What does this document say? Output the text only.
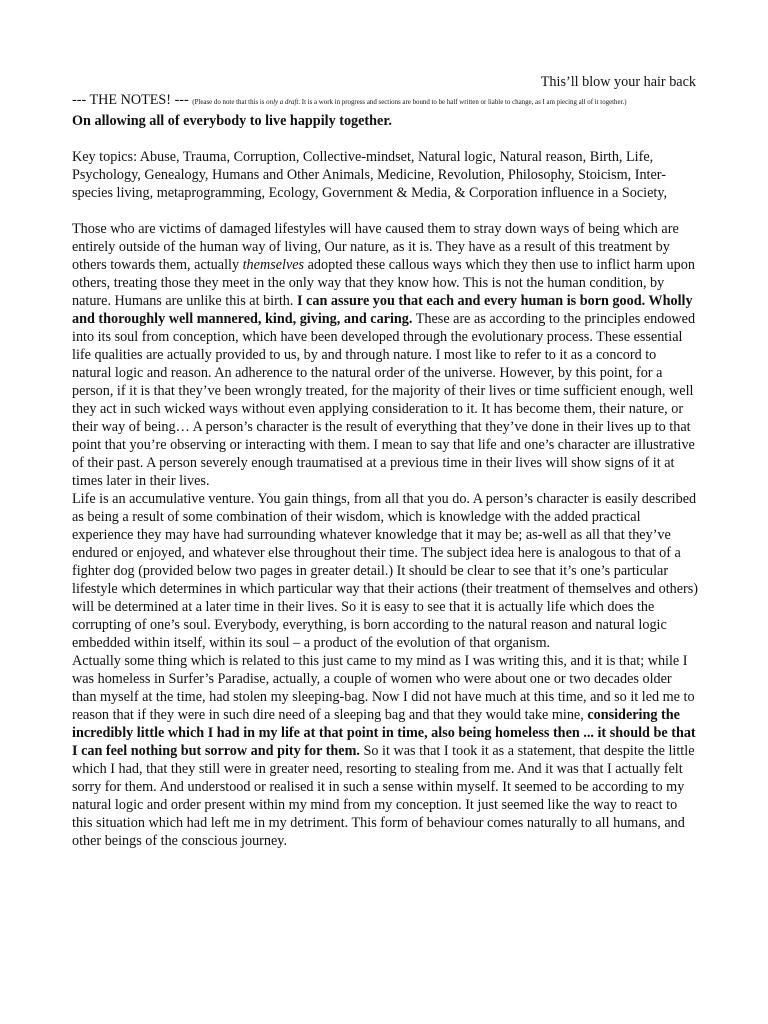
This’ll blow your hair back

--- THE NOTES! --- (Please do note that this is only a draft. It is a work in progress and sections are bound to be half written or liable to change, as I am piecing all of it together.)

On allowing all of everybody to live happily together.

Key topics: Abuse, Trauma, Corruption, Collective-mindset, Natural logic, Natural reason, Birth, Life, Psychology, Genealogy, Humans and Other Animals, Medicine, Revolution, Philosophy, Stoicism, Inter-species living, metaprogramming, Ecology, Government & Media, & Corporation influence in a Society,

Those who are victims of damaged lifestyles will have caused them to stray down ways of being which are entirely outside of the human way of living, Our nature, as it is. They have as a result of this treatment by others towards them, actually themselves adopted these callous ways which they then use to inflict harm upon others, treating those they meet in the only way that they know how. This is not the human condition, by nature. Humans are unlike this at birth. I can assure you that each and every human is born good. Wholly and thoroughly well mannered, kind, giving, and caring. These are as according to the principles endowed into its soul from conception, which have been developed through the evolutionary process. These essential life qualities are actually provided to us, by and through nature. I most like to refer to it as a concord to natural logic and reason. An adherence to the natural order of the universe. However, by this point, for a person, if it is that they’ve been wrongly treated, for the majority of their lives or time sufficient enough, well they act in such wicked ways without even applying consideration to it. It has become them, their nature, or their way of being… A person’s character is the result of everything that they’ve done in their lives up to that point that you’re observing or interacting with them. I mean to say that life and one’s character are illustrative of their past. A person severely enough traumatised at a previous time in their lives will show signs of it at times later in their lives.

Life is an accumulative venture. You gain things, from all that you do. A person’s character is easily described as being a result of some combination of their wisdom, which is knowledge with the added practical experience they may have had surrounding whatever knowledge that it may be; as-well as all that they’ve endured or enjoyed, and whatever else throughout their time. The subject idea here is analogous to that of a fighter dog (provided below two pages in greater detail.) It should be clear to see that it’s one’s particular lifestyle which determines in which particular way that their actions (their treatment of themselves and others) will be determined at a later time in their lives. So it is easy to see that it is actually life which does the corrupting of one’s soul. Everybody, everything, is born according to the natural reason and natural logic embedded within itself, within its soul – a product of the evolution of that organism.

Actually some thing which is related to this just came to my mind as I was writing this, and it is that; while I was homeless in Surfer’s Paradise, actually, a couple of women who were about one or two decades older than myself at the time, had stolen my sleeping-bag. Now I did not have much at this time, and so it led me to reason that if they were in such dire need of a sleeping bag and that they would take mine, considering the incredibly little which I had in my life at that point in time, also being homeless then ... it should be that I can feel nothing but sorrow and pity for them. So it was that I took it as a statement, that despite the little which I had, that they still were in greater need, resorting to stealing from me. And it was that I actually felt sorry for them. And understood or realised it in such a sense within myself. It seemed to be according to my natural logic and order present within my mind from my conception. It just seemed like the way to react to this situation which had left me in my detriment. This form of behaviour comes naturally to all humans, and other beings of the conscious journey.
